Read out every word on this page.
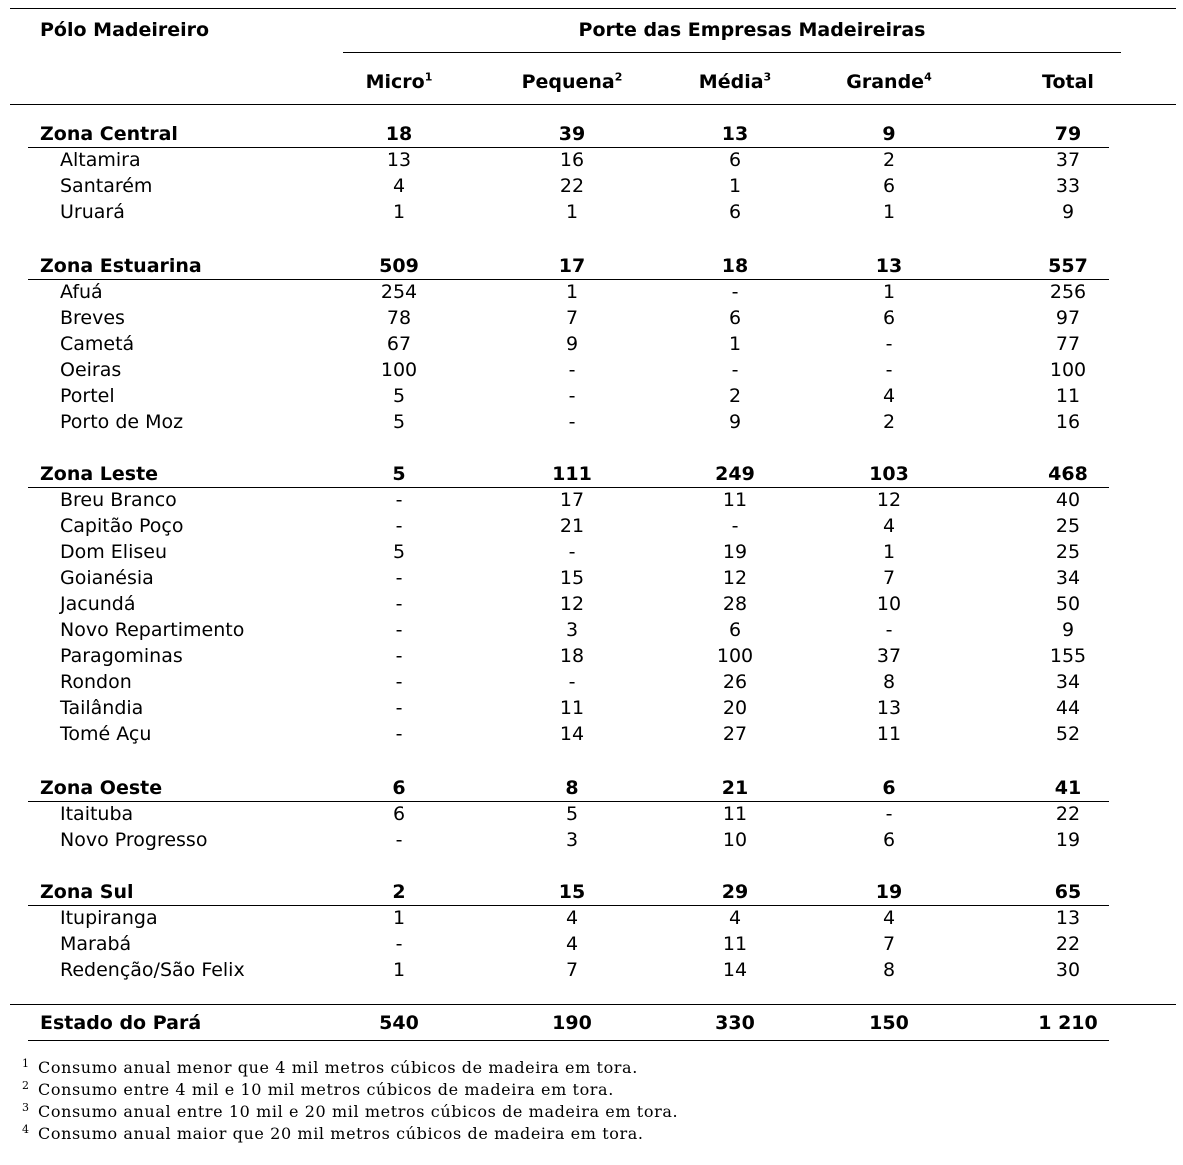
Pólo Madeireiro	Porte das Empresas Madeireiras
Micro$^1$	Pequena$^2$	Média$^3$	Grande$^4$	Total
Zona Central	18	39	13	9	79
Altamira	13	16	6	2	37
Santarém	4	22	1	6	33
Uruará	1	1	6	1	9
Zona Estuarina	509	17	18	13	557
Afuá	254	1	-	1	256
Breves	78	7	6	6	97
Cametá	67	9	1	-	77
Oeiras	100	-	-	-	100
Portel	5	-	2	4	11
Porto de Moz	5	-	9	2	16
Zona Leste	5	111	249	103	468
Breu Branco	-	17	11	12	40
Capitão Poço	-	21	-	4	25
Dom Eliseu	5	-	19	1	25
Goianésia	-	15	12	7	34
Jacundá	-	12	28	10	50
Novo Repartimento	-	3	6	-	9
Paragominas	-	18	100	37	155
Rondon	-	-	26	8	34
Tailândia	-	11	20	13	44
Tomé Açu	-	14	27	11	52
Zona Oeste	6	8	21	6	41
Itaituba	6	5	11	-	22
Novo Progresso	-	3	10	6	19
Zona Sul	2	15	29	19	65
Itupiranga	1	4	4	4	13
Marabá	-	4	11	7	22
Redenção/São Felix	1	7	14	8	30
Estado do Pará	540	190	330	150	1 210
1 Consumo anual menor que 4 mil metros cúbicos de madeira em tora.
2 Consumo entre 4 mil e 10 mil metros cúbicos de madeira em tora.
3 Consumo anual entre 10 mil e 20 mil metros cúbicos de madeira em tora.
4 Consumo anual maior que 20 mil metros cúbicos de madeira em tora.
